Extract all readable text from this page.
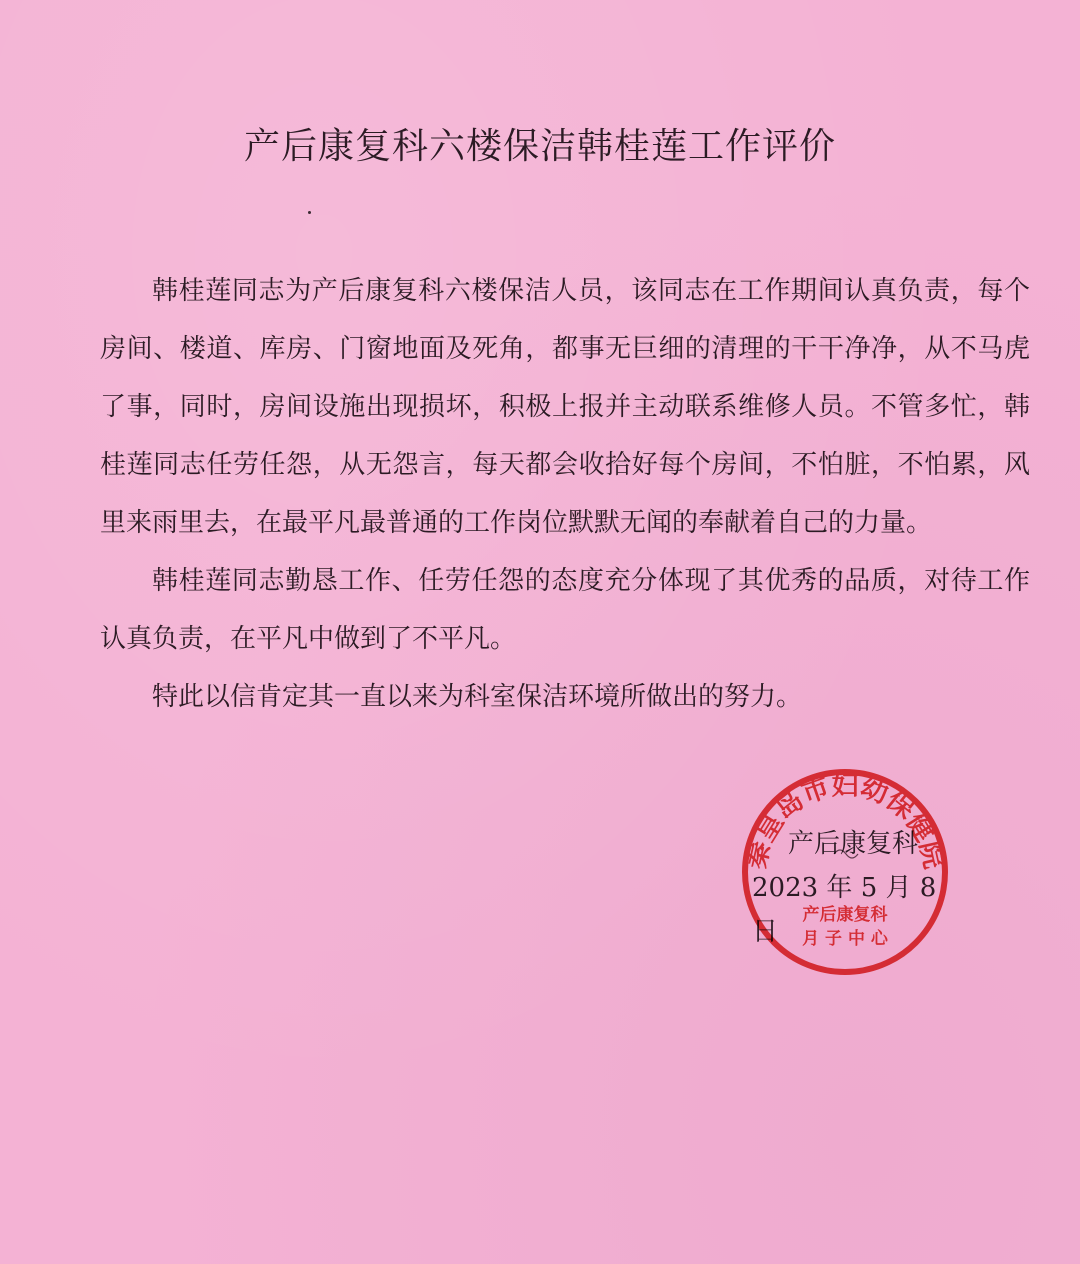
产后康复科六楼保洁韩桂莲工作评价

韩桂莲同志为产后康复科六楼保洁人员，该同志在工作期间认真负责，每个房间、楼道、库房、门窗地面及死角，都事无巨细的清理的干干净净，从不马虎了事，同时，房间设施出现损坏，积极上报并主动联系维修人员。不管多忙，韩桂莲同志任劳任怨，从无怨言，每天都会收拾好每个房间，不怕脏，不怕累，风里来雨里去，在最平凡最普通的工作岗位默默无闻的奉献着自己的力量。

韩桂莲同志勤恳工作、任劳任怨的态度充分体现了其优秀的品质，对待工作认真负责，在平凡中做到了不平凡。

特此以信肯定其一直以来为科室保洁环境所做出的努力。

产后康复科
2023 年 5 月 8 日
秦皇岛市妇幼保健院
产后康复科
月 子 中 心
